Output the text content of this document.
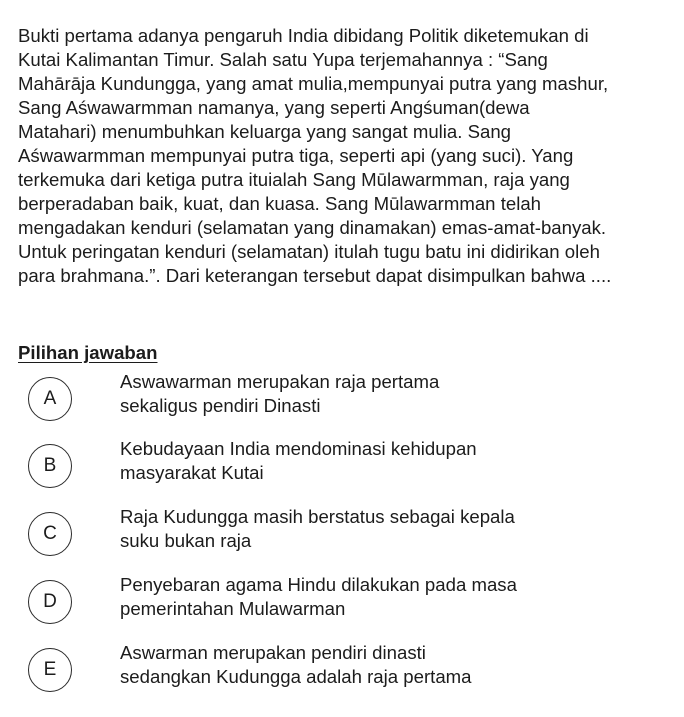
Bukti pertama adanya pengaruh India dibidang Politik diketemukan di
Kutai Kalimantan Timur. Salah satu Yupa terjemahannya : “Sang
Mahārāja Kundungga, yang amat mulia,mempunyai putra yang mashur,
Sang Aśwawarmman namanya, yang seperti Angśuman(dewa
Matahari) menumbuhkan keluarga yang sangat mulia. Sang
Aśwawarmman mempunyai putra tiga, seperti api (yang suci). Yang
terkemuka dari ketiga putra ituialah Sang Mūlawarmman, raja yang
berperadaban baik, kuat, dan kuasa. Sang Mūlawarmman telah
mengadakan kenduri (selamatan yang dinamakan) emas-amat-banyak.
Untuk peringatan kenduri (selamatan) itulah tugu batu ini didirikan oleh
para brahmana.”. Dari keterangan tersebut dapat disimpulkan bahwa ....
Pilihan jawaban
A
Aswawarman merupakan raja pertama
sekaligus pendiri Dinasti
B
Kebudayaan India mendominasi kehidupan
masyarakat Kutai
C
Raja Kudungga masih berstatus sebagai kepala
suku bukan raja
D
Penyebaran agama Hindu dilakukan pada masa
pemerintahan Mulawarman
E
Aswarman merupakan pendiri dinasti
sedangkan Kudungga adalah raja pertama
